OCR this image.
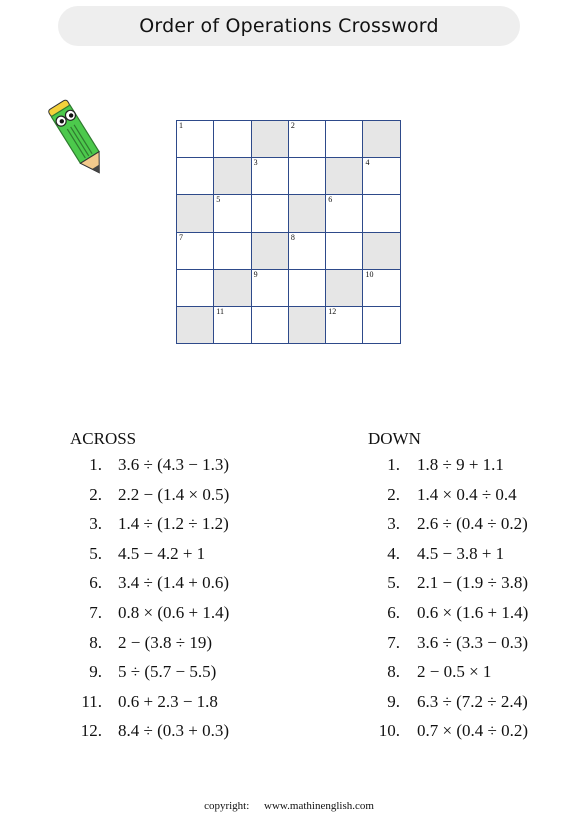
Order of Operations Crossword
1	2
3	4
5	6
7	8
9	10
11	12
ACROSS
1. 3.6 ÷ (4.3 − 1.3)
2. 2.2 − (1.4 × 0.5)
3. 1.4 ÷ (1.2 ÷ 1.2)
5. 4.5 − 4.2 + 1
6. 3.4 ÷ (1.4 + 0.6)
7. 0.8 × (0.6 + 1.4)
8. 2 − (3.8 ÷ 19)
9. 5 ÷ (5.7 − 5.5)
11. 0.6 + 2.3 − 1.8
12. 8.4 ÷ (0.3 + 0.3)
DOWN
1. 1.8 ÷ 9 + 1.1
2. 1.4 × 0.4 ÷ 0.4
3. 2.6 ÷ (0.4 ÷ 0.2)
4. 4.5 − 3.8 + 1
5. 2.1 − (1.9 ÷ 3.8)
6. 0.6 × (1.6 + 1.4)
7. 3.6 ÷ (3.3 − 0.3)
8. 2 − 0.5 × 1
9. 6.3 ÷ (7.2 ÷ 2.4)
10. 0.7 × (0.4 ÷ 0.2)
copyright: www.mathinenglish.com
